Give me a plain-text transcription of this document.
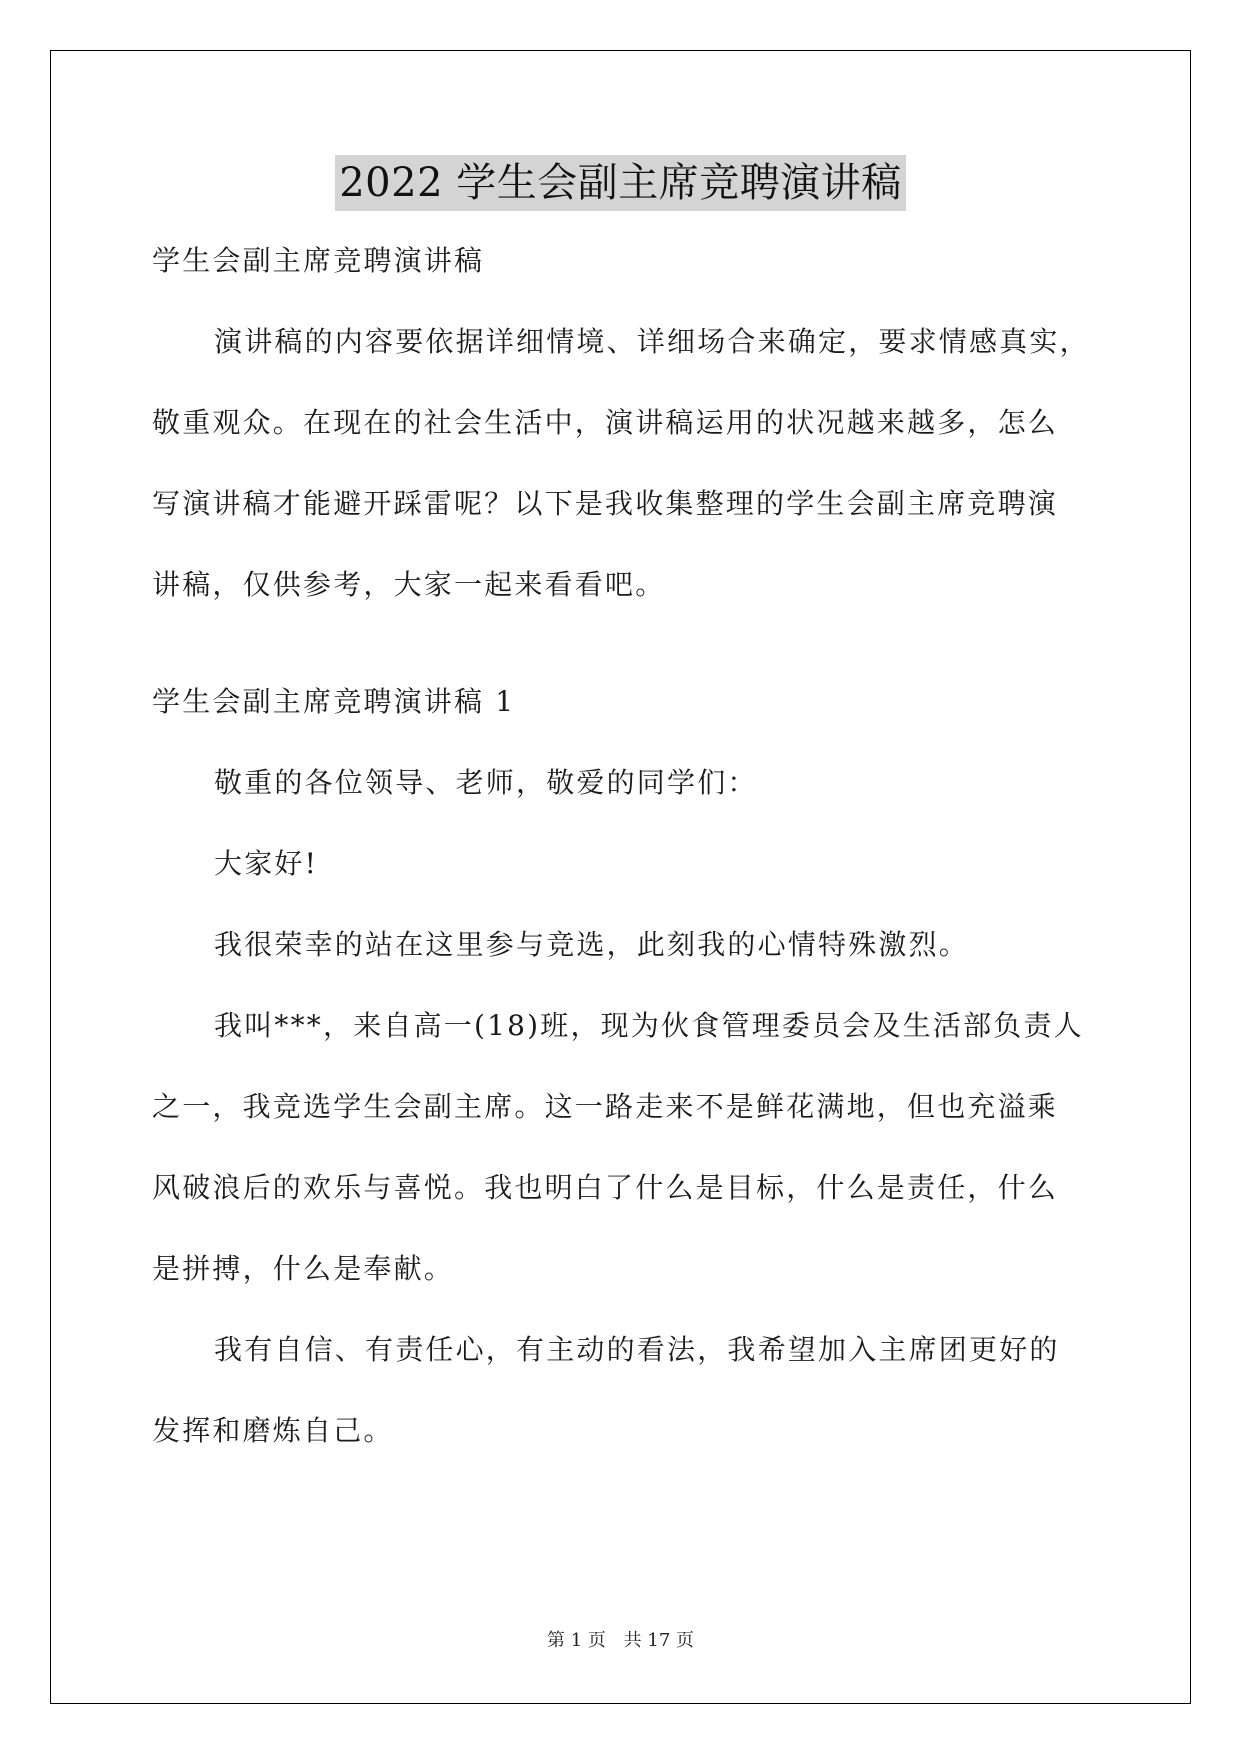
2022 学生会副主席竞聘演讲稿

学生会副主席竞聘演讲稿

演讲稿的内容要依据详细情境、详细场合来确定，要求情感真实，

敬重观众。在现在的社会生活中，演讲稿运用的状况越来越多，怎么

写演讲稿才能避开踩雷呢？以下是我收集整理的学生会副主席竞聘演

讲稿，仅供参考，大家一起来看看吧。

学生会副主席竞聘演讲稿 1

敬重的各位领导、老师，敬爱的同学们：

大家好!

我很荣幸的站在这里参与竞选，此刻我的心情特殊激烈。

我叫***，来自高一(18)班，现为伙食管理委员会及生活部负责人

之一，我竞选学生会副主席。这一路走来不是鲜花满地，但也充溢乘

风破浪后的欢乐与喜悦。我也明白了什么是目标，什么是责任，什么

是拼搏，什么是奉献。

我有自信、有责任心，有主动的看法，我希望加入主席团更好的

发挥和磨炼自己。

第 1 页 共 17 页
